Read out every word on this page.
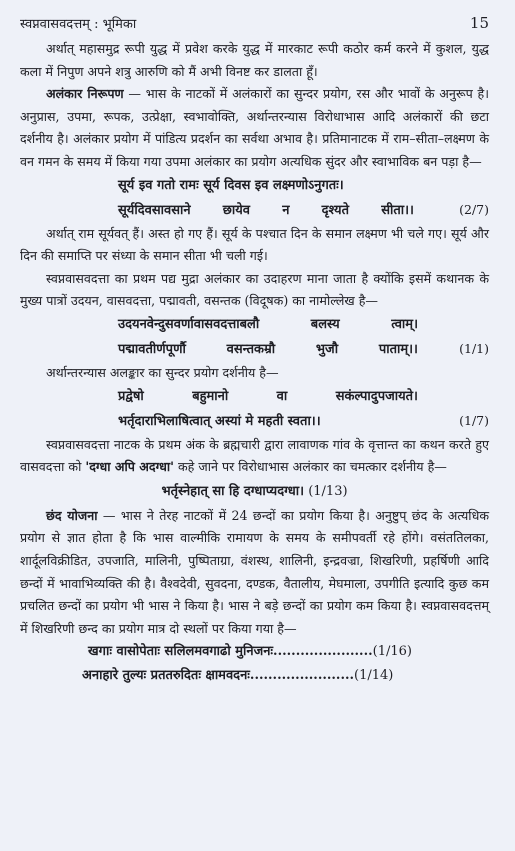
स्वप्नवासवदत्तम् : भूमिका	15

अर्थात् महासमुद्र रूपी युद्ध में प्रवेश करके युद्ध में मारकाट रूपी कठोर कर्म करने में कुशल, युद्ध कला में निपुण अपने शत्रु आरुणि को मैं अभी विनष्ट कर डालता हूँ।

अलंकार निरूपण — भास के नाटकों में अलंकारों का सुन्दर प्रयोग, रस और भावों के अनुरूप है। अनुप्रास, उपमा, रूपक, उत्प्रेक्षा, स्वभावोक्ति, अर्थान्तरन्यास विरोधाभास आदि अलंकारों की छटा दर्शनीय है। अलंकार प्रयोग में पांडित्य प्रदर्शन का सर्वथा अभाव है। प्रतिमानाटक में राम–सीता–लक्ष्मण के वन गमन के समय में किया गया उपमा अलंकार का प्रयोग अत्यधिक सुंदर और स्वाभाविक बन पड़ा है—

सूर्य इव गतो रामः सूर्य दिवस इव लक्ष्मणोऽनुगतः।
सूर्यदिवसावसाने छायेव न दृश्यते सीता।।	(2/7)

अर्थात् राम सूर्यवत् हैं। अस्त हो गए हैं। सूर्य के पश्चात दिन के समान लक्ष्मण भी चले गए। सूर्य और दिन की समाप्ति पर संध्या के समान सीता भी चली गई।

स्वप्नवासवदत्ता का प्रथम पद्य मुद्रा अलंकार का उदाहरण माना जाता है क्योंकि इसमें कथानक के मुख्य पात्रों उदयन, वासवदत्ता, पद्मावती, वसन्तक (विदूषक) का नामोल्लेख है—

उदयनवेन्दुसवर्णावासवदत्ताबलौ	बलस्य	त्वाम्।
पद्मावतीर्णपूर्णौ	वसन्तकम्रौ	भुजौ	पाताम्।।	(1/1)

अर्थान्तरन्यास अलङ्कार का सुन्दर प्रयोग दर्शनीय है—

प्रद्वेषो	बहुमानो	वा	सकंल्पादुपजायते।
भर्तृदाराभिलाषित्वात् अस्यां मे महती स्वता।।	(1/7)

स्वप्नवासवदत्ता नाटक के प्रथम अंक के ब्रह्मचारी द्वारा लावाणक गांव के वृत्तान्त का कथन करते हुए वासवदत्ता को 'दग्धा अपि अदग्धा' कहे जाने पर विरोधाभास अलंकार का चमत्कार दर्शनीय है—

भर्तृस्नेहात् सा हि दग्धाप्यदग्धा। (1/13)

छंद योजना — भास ने तेरह नाटकों में 24 छन्दों का प्रयोग किया है। अनुष्टुप् छंद के अत्यधिक प्रयोग से ज्ञात होता है कि भास वाल्मीकि रामायण के समय के समीपवर्ती रहे होंगे। वसंततिलका, शार्दूलविक्रीडित, उपजाति, मालिनी, पुष्पिताग्रा, वंशस्थ, शालिनी, इन्द्रवज्रा, शिखरिणी, प्रहर्षिणी आदि छन्दों में भावाभिव्यक्ति की है। वैश्वदेवी, सुवदना, दण्डक, वैतालीय, मेघमाला, उपगीति इत्यादि कुछ कम प्रचलित छन्दों का प्रयोग भी भास ने किया है। भास ने बड़े छन्दों का प्रयोग कम किया है। स्वप्नवासवदत्तम् में शिखरिणी छन्द का प्रयोग मात्र दो स्थलों पर किया गया है—

खगाः वासोपेताः सलिलमवगाढो मुनिजनः......................(1/16)
अनाहारे तुल्यः प्रततरुदितः क्षामवदनः.......................(1/14)
